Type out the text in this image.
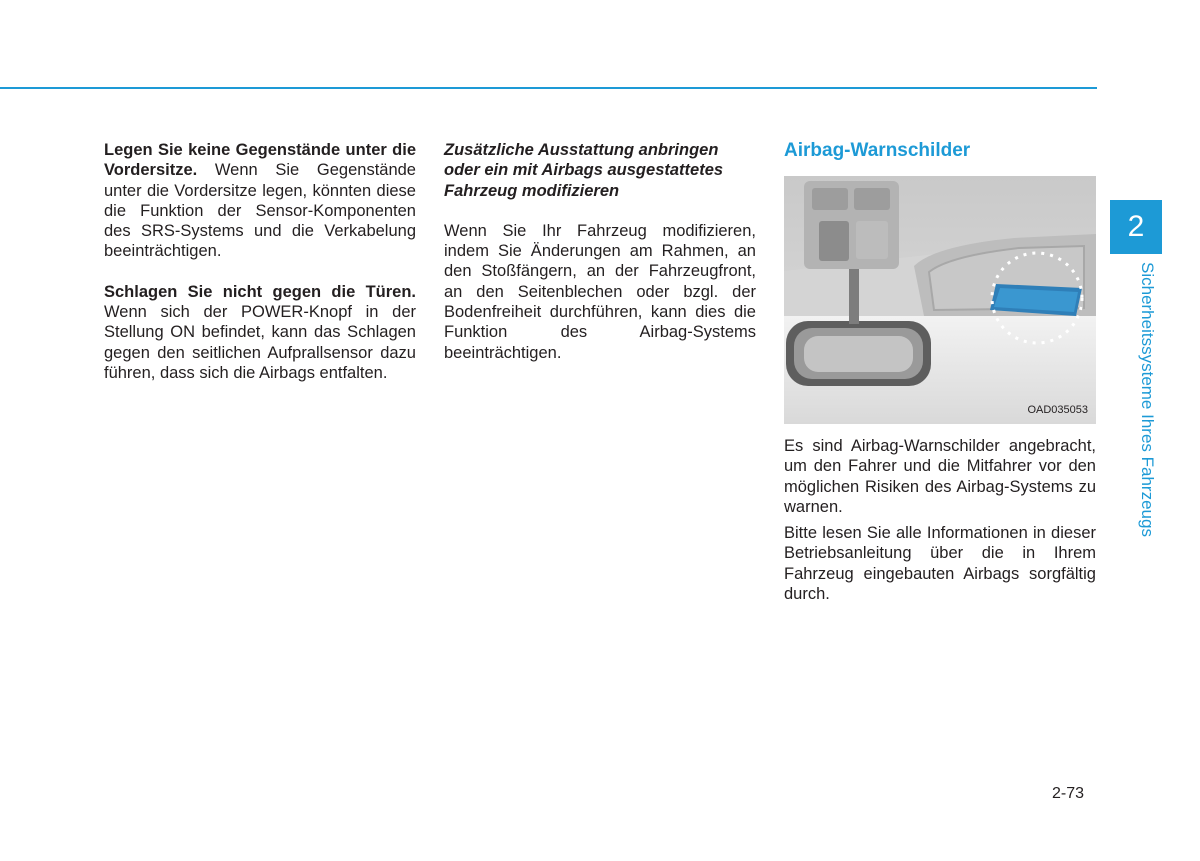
Legen Sie keine Gegenstände unter die Vordersitze. Wenn Sie Gegenstände unter die Vordersitze legen, könnten diese die Funktion der Sensor-Komponenten des SRS-Systems und die Verkabelung beeinträchtigen.

Schlagen Sie nicht gegen die Türen. Wenn sich der POWER-Knopf in der Stellung ON befindet, kann das Schlagen gegen den seitlichen Aufprallsensor dazu führen, dass sich die Airbags entfalten.

Zusätzliche Ausstattung anbringen oder ein mit Airbags ausgestattetes Fahrzeug modifizieren

Wenn Sie Ihr Fahrzeug modifizieren, indem Sie Änderungen am Rahmen, an den Stoßfängern, an der Fahrzeugfront, an den Seitenblechen oder bzgl. der Bodenfreiheit durchführen, kann dies die Funktion des Airbag-Systems beeinträchtigen.

Airbag-Warnschilder
OAD035053

Es sind Airbag-Warnschilder angebracht, um den Fahrer und die Mitfahrer vor den möglichen Risiken des Airbag-Systems zu warnen.

Bitte lesen Sie alle Informationen in dieser Betriebsanleitung über die in Ihrem Fahrzeug eingebauten Airbags sorgfältig durch.

2
Sicherheitssysteme Ihres Fahrzeugs
2-73
